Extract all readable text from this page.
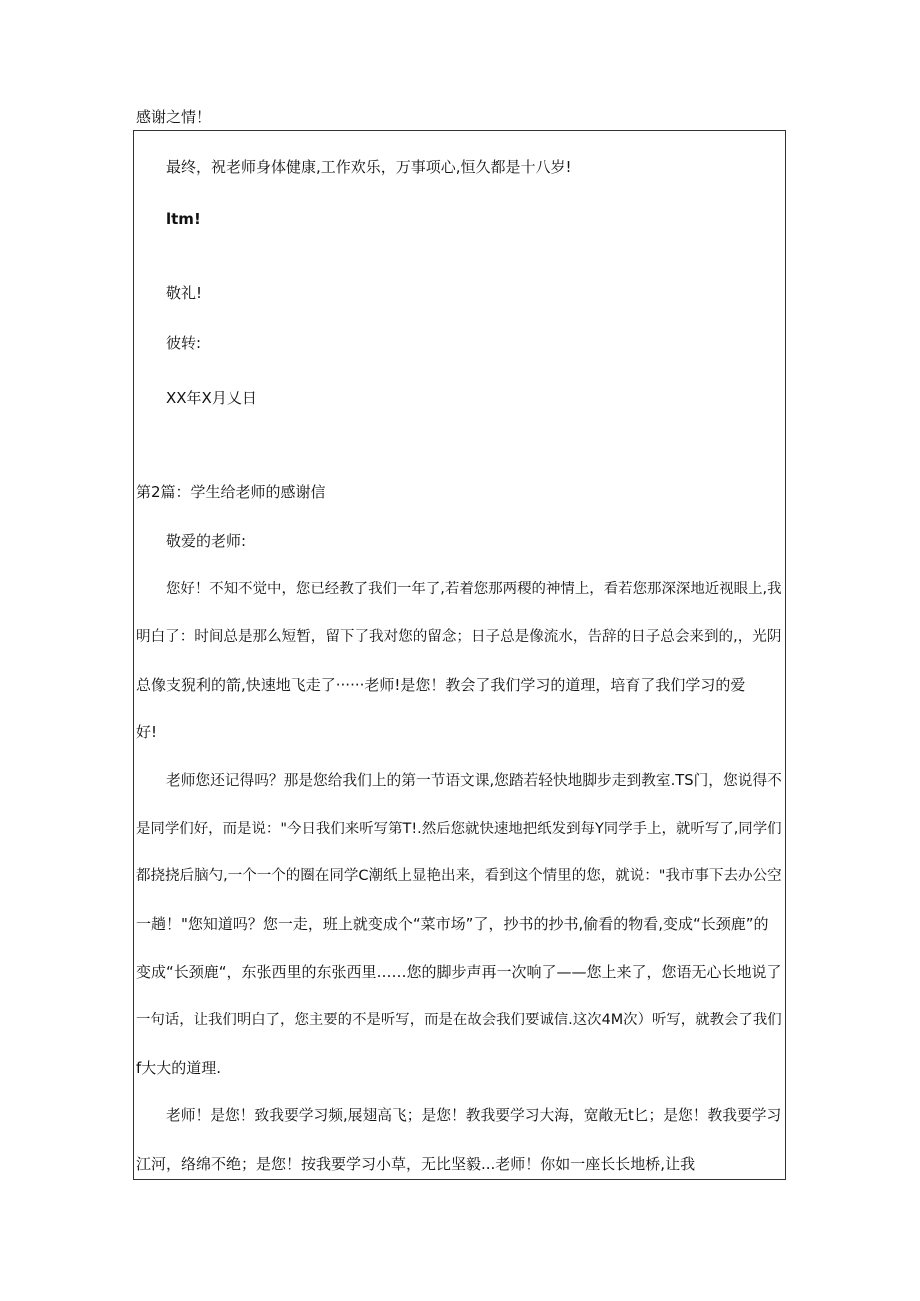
感谢之情！
最终，祝老师身体健康,工作欢乐，万事项心,恒久都是十八岁!
ltm!
敬礼!
彼转:
XX年X月乂日
第2篇：学生给老师的感谢信
敬爱的老师:
您好！不知不觉中，您已经教了我们一年了,若着您那两稷的神情上，看若您那深深地近视眼上,我
明白了：时间总是那么短暂，留下了我对您的留念；日子总是像流水，告辞的日子总会来到的,，光阴
总像支猊利的箭,快速地飞走了······老师!是您！教会了我们学习的道理，培育了我们学习的爱
好!
老师您还记得吗？那是您给我们上的第一节语文课,您踏若轻快地脚步走到教室.TS门，您说得不
是同学们好，而是说："今日我们来听写第T!.然后您就快速地把纸发到每Y同学手上，就听写了,同学们
都挠挠后脑勺,一个一个的圈在同学C潮纸上显艳出来，看到这个情里的您，就说："我市事下去办公空
一趟！"您知道吗？您一走，班上就变成个“菜市场”了，抄书的抄书,偷看的物看,变成“长颈鹿”的
变成“长颈鹿“，东张西里的东张西里……您的脚步声再一次响了——您上来了，您语无心长地说了
一句话，让我们明白了，您主要的不是听写，而是在故会我们要诚信.这次4M次）听写，就教会了我们
f大大的道理.
老师！是您！致我要学习频,展翅高飞；是您！教我要学习大海，宽敞无t匕；是您！教我要学习
江河，络绵不绝；是您！按我要学习小草，无比坚毅...老师！你如一座长长地桥,让我
